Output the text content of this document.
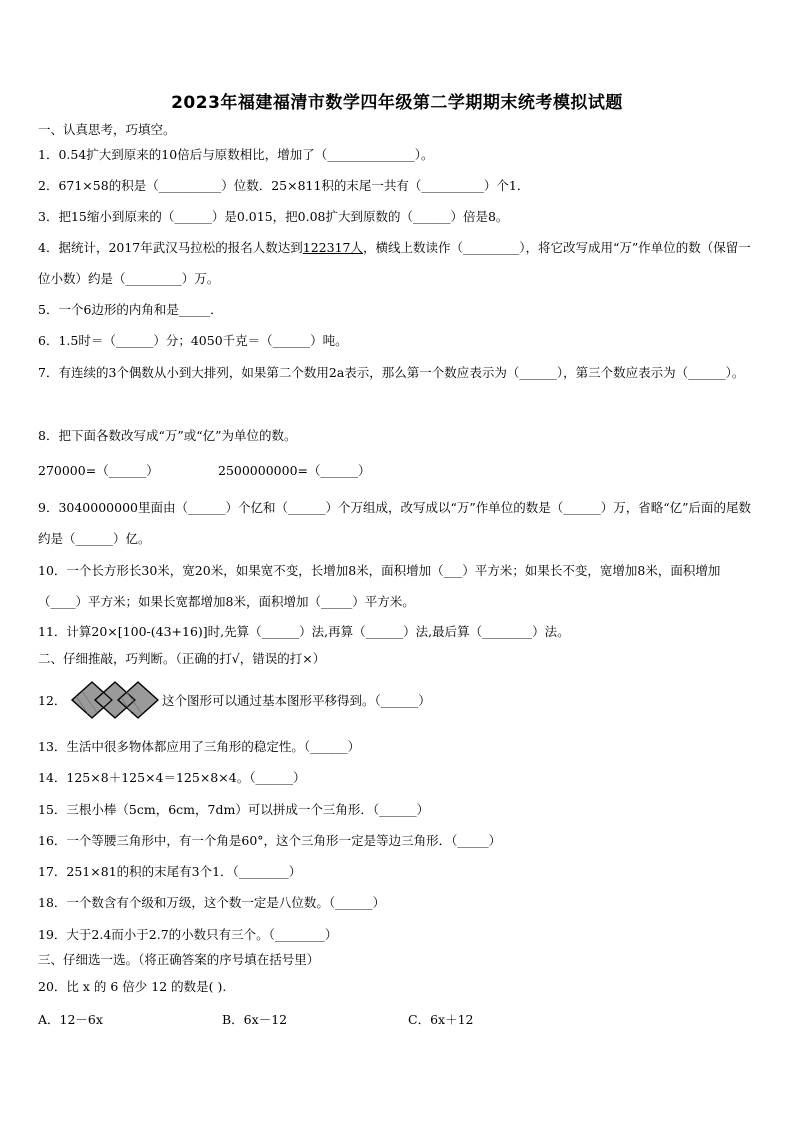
2023年福建福清市数学四年级第二学期期末统考模拟试题
一、认真思考，巧填空。
1．0.54扩大到原来的10倍后与原数相比，增加了（______________）。
2．671×58的积是（__________）位数．25×811积的末尾一共有（__________）个1．
3．把15缩小到原来的（______）是0.015，把0.08扩大到原数的（______）倍是8。
4．据统计，2017年武汉马拉松的报名人数达到122317人，横线上数读作（_________），将它改写成用“万”作单位的数（保留一位小数）约是（_________）万。
5．一个6边形的内角和是_____．
6．1.5时＝（______）分；4050千克＝（______）吨。
7．有连续的3个偶数从小到大排列，如果第二个数用2a表示，那么第一个数应表示为（______），第三个数应表示为（______）。
8．把下面各数改写成“万”或“亿”为单位的数。
270000=（______）	2500000000=（______）
9．3040000000里面由（______）个亿和（______）个万组成，改写成以“万”作单位的数是（______）万，省略“亿”后面的尾数约是（______）亿。
10．一个长方形长30米，宽20米，如果宽不变，长增加8米，面积增加（___）平方米；如果长不变，宽增加8米，面积增加（____）平方米；如果长宽都增加8米，面积增加（_____）平方米。
11．计算20×[100-(43+16)]时,先算（______）法,再算（______）法,最后算（________）法。
二、仔细推敲，巧判断。（正确的打√，错误的打×）
12．	这个图形可以通过基本图形平移得到。（______）
13．生活中很多物体都应用了三角形的稳定性。（______）
14．125×8＋125×4＝125×8×4。（______）
15．三根小棒（5cm，6cm，7dm）可以拼成一个三角形．（______）
16．一个等腰三角形中，有一个角是60°，这个三角形一定是等边三角形．（_____）
17．251×81的积的末尾有3个1．（________）
18．一个数含有个级和万级，这个数一定是八位数。（______）
19．大于2.4而小于2.7的小数只有三个。（________）
三、仔细选一选。（将正确答案的序号填在括号里）
20．比 x 的 6 倍少 12 的数是( ).
A．12－6x	B．6x－12	C．6x＋12
